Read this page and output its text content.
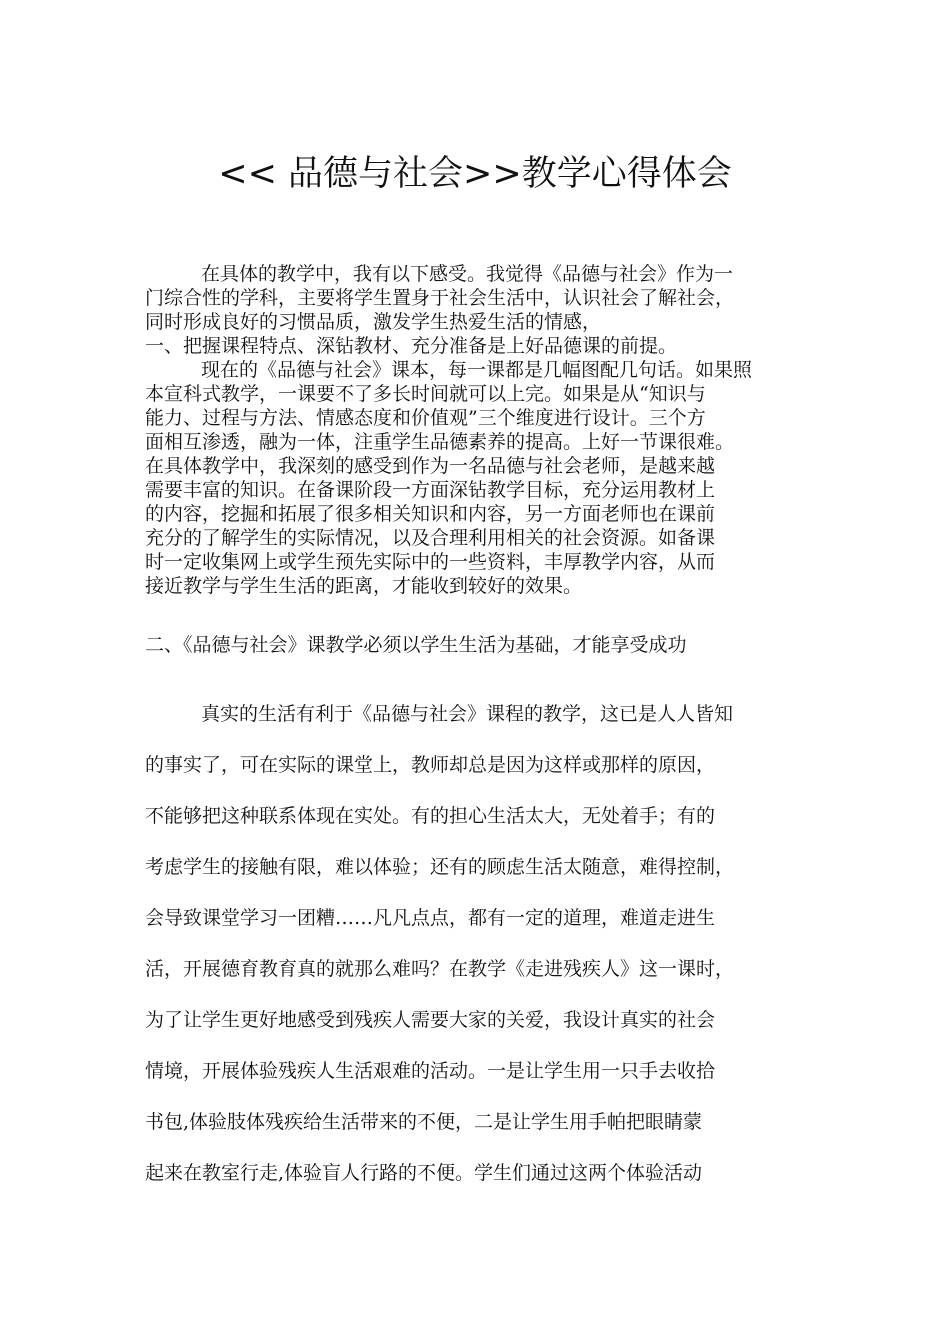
<< 品德与社会>>教学心得体会

在具体的教学中，我有以下感受。我觉得《品德与社会》作为一

门综合性的学科，主要将学生置身于社会生活中，认识社会了解社会，

同时形成良好的习惯品质，激发学生热爱生活的情感，

一、把握课程特点、深钻教材、充分准备是上好品德课的前提。

现在的《品德与社会》课本，每一课都是几幅图配几句话。如果照

本宣科式教学，一课要不了多长时间就可以上完。如果是从“知识与

能力、过程与方法、情感态度和价值观”三个维度进行设计。三个方

面相互渗透，融为一体，注重学生品德素养的提高。上好一节课很难。

在具体教学中，我深刻的感受到作为一名品德与社会老师，是越来越

需要丰富的知识。在备课阶段一方面深钻教学目标，充分运用教材上

的内容，挖掘和拓展了很多相关知识和内容，另一方面老师也在课前

充分的了解学生的实际情况，以及合理利用相关的社会资源。如备课

时一定收集网上或学生预先实际中的一些资料，丰厚教学内容，从而

接近教学与学生生活的距离，才能收到较好的效果。

二、《品德与社会》课教学必须以学生生活为基础，才能享受成功

真实的生活有利于《品德与社会》课程的教学，这已是人人皆知

的事实了，可在实际的课堂上，教师却总是因为这样或那样的原因，

不能够把这种联系体现在实处。有的担心生活太大，无处着手；有的

考虑学生的接触有限，难以体验；还有的顾虑生活太随意，难得控制，

会导致课堂学习一团糟……凡凡点点，都有一定的道理，难道走进生

活，开展德育教育真的就那么难吗？在教学《走进残疾人》这一课时，

为了让学生更好地感受到残疾人需要大家的关爱，我设计真实的社会

情境，开展体验残疾人生活艰难的活动。一是让学生用一只手去收拾

书包,体验肢体残疾给生活带来的不便，二是让学生用手帕把眼睛蒙

起来在教室行走,体验盲人行路的不便。学生们通过这两个体验活动
